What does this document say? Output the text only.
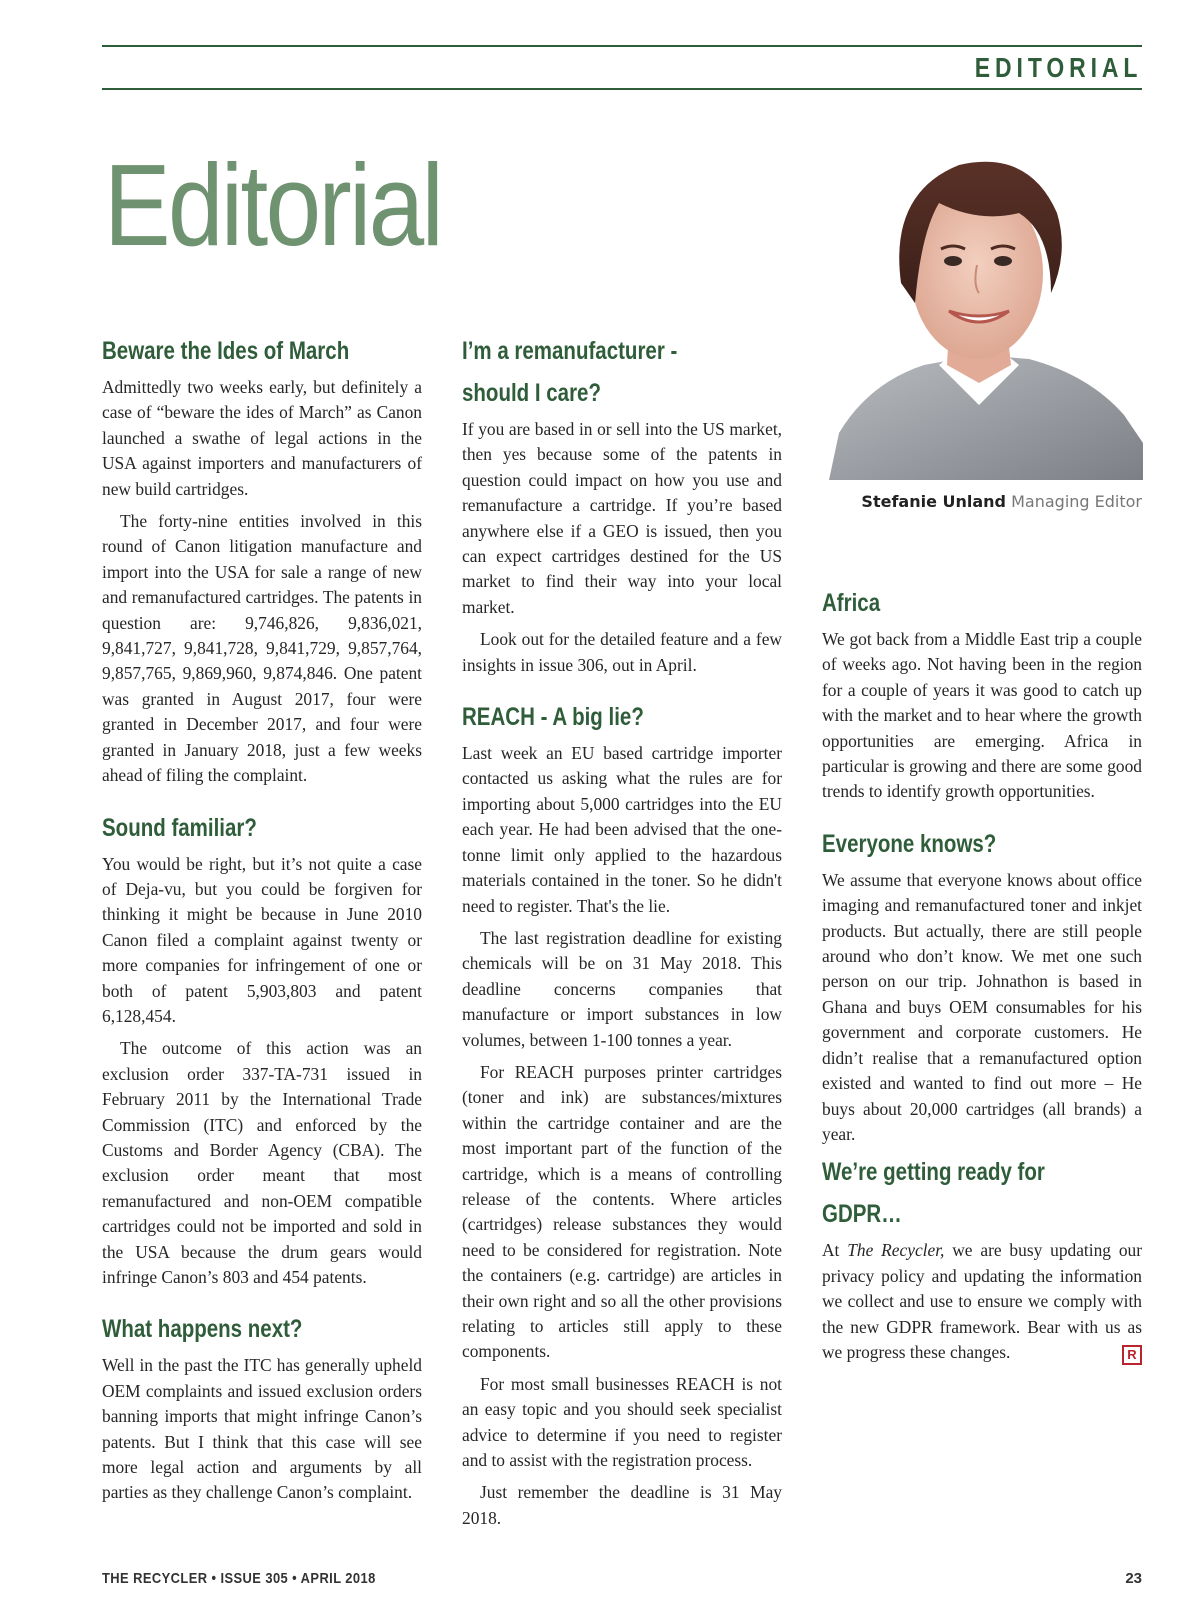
EDITORIAL
Editorial
Stefanie Unland Managing Editor
Beware the Ides of March

Admittedly two weeks early, but definitely a case of “beware the ides of March” as Canon launched a swathe of legal actions in the USA against importers and manufacturers of new build cartridges.

The forty-nine entities involved in this round of Canon litigation manufacture and import into the USA for sale a range of new and remanufactured cartridges. The patents in question are: 9,746,826, 9,836,021, 9,841,727, 9,841,728, 9,841,729, 9,857,764, 9,857,765, 9,869,960, 9,874,846. One patent was granted in August 2017, four were granted in December 2017, and four were granted in January 2018, just a few weeks ahead of filing the complaint.

Sound familiar?

You would be right, but it’s not quite a case of Deja-vu, but you could be forgiven for thinking it might be because in June 2010 Canon filed a complaint against twenty or more companies for infringement of one or both of patent 5,903,803 and patent 6,128,454.

The outcome of this action was an exclusion order 337-TA-731 issued in February 2011 by the International Trade Commission (ITC) and enforced by the Customs and Border Agency (CBA). The exclusion order meant that most remanufactured and non-OEM compatible cartridges could not be imported and sold in the USA because the drum gears would infringe Canon’s 803 and 454 patents.

What happens next?

Well in the past the ITC has generally upheld OEM complaints and issued exclusion orders banning imports that might infringe Canon’s patents. But I think that this case will see more legal action and arguments by all parties as they challenge Canon’s complaint.

I’m a remanufacturer -
should I care?

If you are based in or sell into the US market, then yes because some of the patents in question could impact on how you use and remanufacture a cartridge. If you’re based anywhere else if a GEO is issued, then you can expect cartridges destined for the US market to find their way into your local market.

Look out for the detailed feature and a few insights in issue 306, out in April.

REACH - A big lie?

Last week an EU based cartridge importer contacted us asking what the rules are for importing about 5,000 cartridges into the EU each year. He had been advised that the one-tonne limit only applied to the hazardous materials contained in the toner. So he didn't need to register. That's the lie.

The last registration deadline for existing chemicals will be on 31 May 2018. This deadline concerns companies that manufacture or import substances in low volumes, between 1-100 tonnes a year.

For REACH purposes printer cartridges (toner and ink) are substances/mixtures within the cartridge container and are the most important part of the function of the cartridge, which is a means of controlling release of the contents. Where articles (cartridges) release substances they would need to be considered for registration. Note the containers (e.g. cartridge) are articles in their own right and so all the other provisions relating to articles still apply to these components.

For most small businesses REACH is not an easy topic and you should seek specialist advice to determine if you need to register and to assist with the registration process.

Just remember the deadline is 31 May 2018.

Africa

We got back from a Middle East trip a couple of weeks ago. Not having been in the region for a couple of years it was good to catch up with the market and to hear where the growth opportunities are emerging. Africa in particular is growing and there are some good trends to identify growth opportunities.

Everyone knows?

We assume that everyone knows about office imaging and remanufactured toner and inkjet products. But actually, there are still people around who don’t know. We met one such person on our trip. Johnathon is based in Ghana and buys OEM consumables for his government and corporate customers. He didn’t realise that a remanufactured option existed and wanted to find out more – He buys about 20,000 cartridges (all brands) a year.

We’re getting ready for
GDPR…

At The Recycler, we are busy updating our privacy policy and updating the information we collect and use to ensure we comply with the new GDPR framework. Bear with us as we progress these changes.	R

THE RECYCLER • ISSUE 305 • APRIL 2018	23
